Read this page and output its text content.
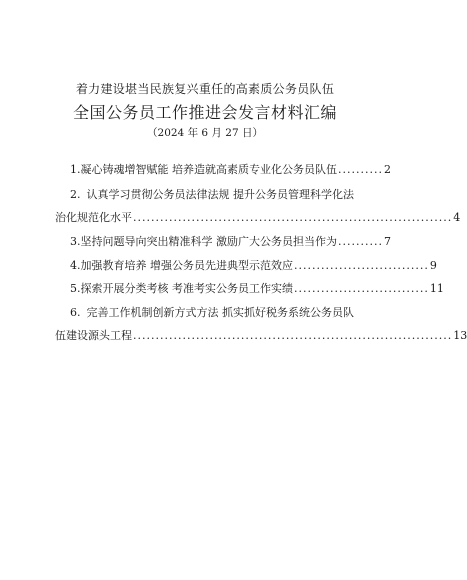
着力建设堪当民族复兴重任的高素质公务员队伍
全国公务员工作推进会发言材料汇编
（2024 年 6 月 27 日）
1. 凝心铸魂增智赋能 培养造就高素质专业化公务员队伍 .......... 2
2. 认真学习贯彻公务员法律法规 提升公务员管理科学化法
治化规范化水平 ....................................................................... 4
3. 坚持问题导向突出精准科学 激励广大公务员担当作为 .......... 7
4. 加强教育培养 增强公务员先进典型示范效应 .............................. 9
5. 探索开展分类考核 考准考实公务员工作实绩 .............................. 11
6. 完善工作机制创新方式方法 抓实抓好税务系统公务员队
伍建设源头工程 ....................................................................... 13
